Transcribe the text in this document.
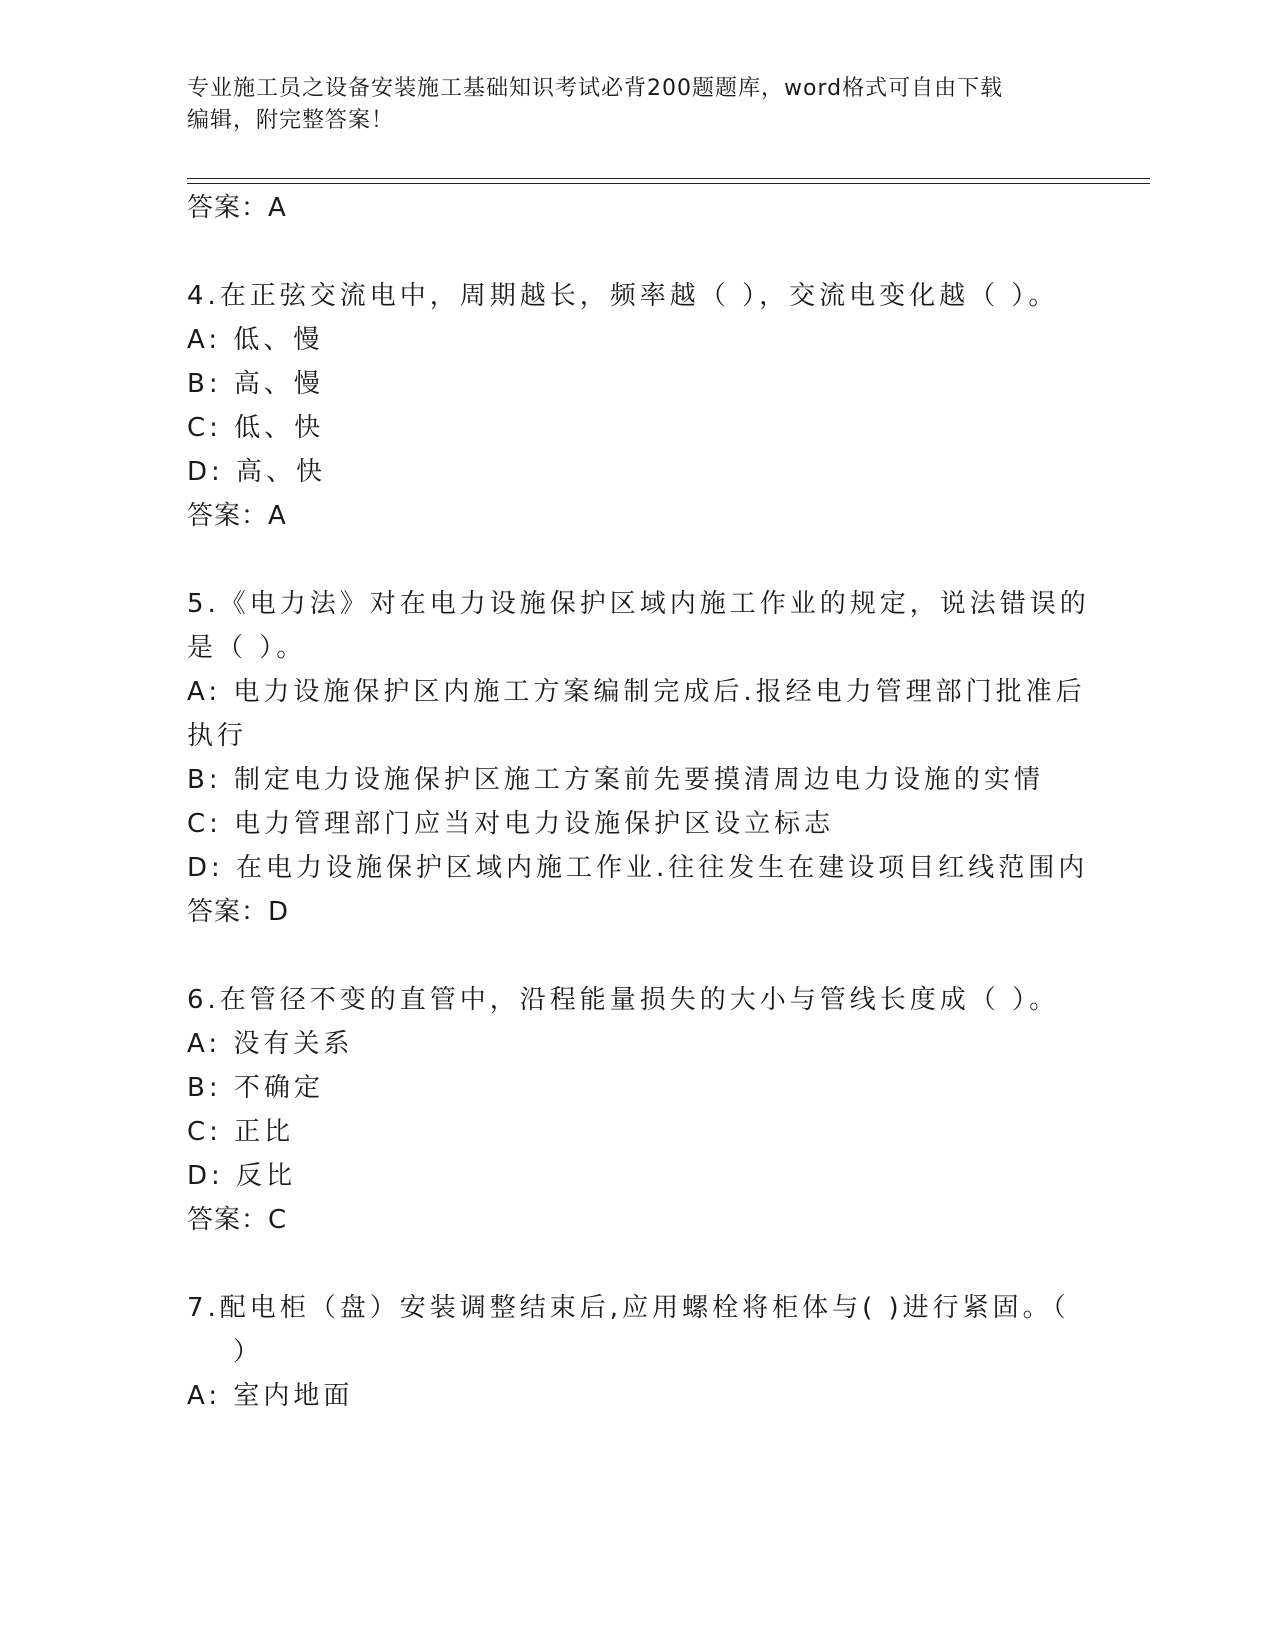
专业施工员之设备安装施工基础知识考试必背200题题库，word格式可自由下载
编辑，附完整答案！
答案：A
4.在正弦交流电中，周期越长，频率越（ ），交流电变化越（ ）。
A: 低、慢
B: 高、慢
C: 低、快
D: 高、快
答案：A
5.《电力法》对在电力设施保护区域内施工作业的规定，说法错误的
是（ ）。
A: 电力设施保护区内施工方案编制完成后.报经电力管理部门批准后
执行
B: 制定电力设施保护区施工方案前先要摸清周边电力设施的实情
C: 电力管理部门应当对电力设施保护区设立标志
D: 在电力设施保护区域内施工作业.往往发生在建设项目红线范围内
答案：D
6.在管径不变的直管中，沿程能量损失的大小与管线长度成（ ）。
A: 没有关系
B: 不确定
C: 正比
D: 反比
答案：C
7.配电柜（盘）安装调整结束后,应用螺栓将柜体与( )进行紧固。（
）
A: 室内地面
